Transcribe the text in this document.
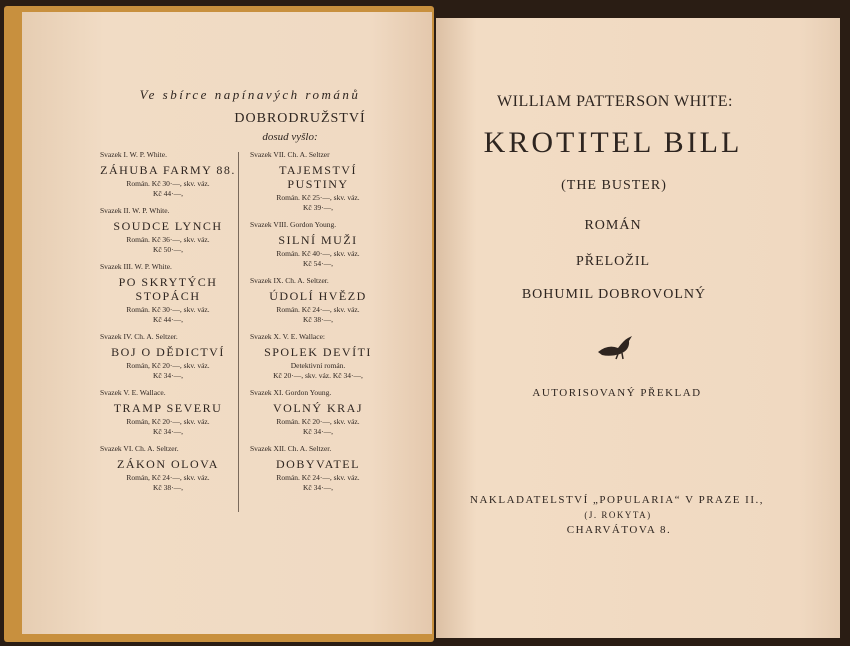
Ve sbírce napínavých románů
DOBRODRUŽSTVÍ
dosud vyšlo:
Svazek I. W. P. White.
ZÁHUBA FARMY 88.
Román. Kč 30·—, skv. váz.
Kč 44·—,
Svazek II. W. P. White.
SOUDCE LYNCH
Román. Kč 36·—, skv. váz.
Kč 50·—,
Svazek III. W. P. White.
PO SKRYTÝCH STOPÁCH
Román. Kč 30·—, skv. váz.
Kč 44·—,
Svazek IV. Ch. A. Seltzer.
BOJ O DĚDICTVÍ
Román, Kč 20·—, skv. váz.
Kč 34·—,
Svazek V. E. Wallace.
TRAMP SEVERU
Román, Kč 20·—, skv. váz.
Kč 34·—,
Svazek VI. Ch. A. Seltzer.
ZÁKON OLOVA
Román, Kč 24·—, skv. váz.
Kč 38·—,
Svazek VII. Ch. A. Seltzer
TAJEMSTVÍ PUSTINY
Román. Kč 25·—, skv. váz.
Kč 39·—,
Svazek VIII. Gordon Young.
SILNÍ MUŽI
Román. Kč 40·—, skv. váz.
Kč 54·—,
Svazek IX. Ch. A. Seltzer.
ÚDOLÍ HVĚZD
Román. Kč 24·—, skv. váz.
Kč 38·—,
Svazek X. V. E. Wallace:
SPOLEK DEVÍTI
Detektivní román.
Kč 20·—, skv. váz. Kč 34·—,
Svazek XI. Gordon Young.
VOLNÝ KRAJ
Román. Kč 20·—, skv. váz.
Kč 34·—,
Svazek XII. Ch. A. Seltzer.
DOBYVATEL
Román. Kč 24·—, skv. váz.
Kč 34·—,
WILLIAM PATTERSON WHITE:
KROTITEL BILL
(THE BUSTER)
ROMÁN
PŘELOŽIL
BOHUMIL DOBROVOLNÝ
AUTORISOVANÝ PŘEKLAD
NAKLADATELSTVÍ „POPULARIA“ V PRAZE II.,
(J. ROKYTA)
CHARVÁTOVA 8.
